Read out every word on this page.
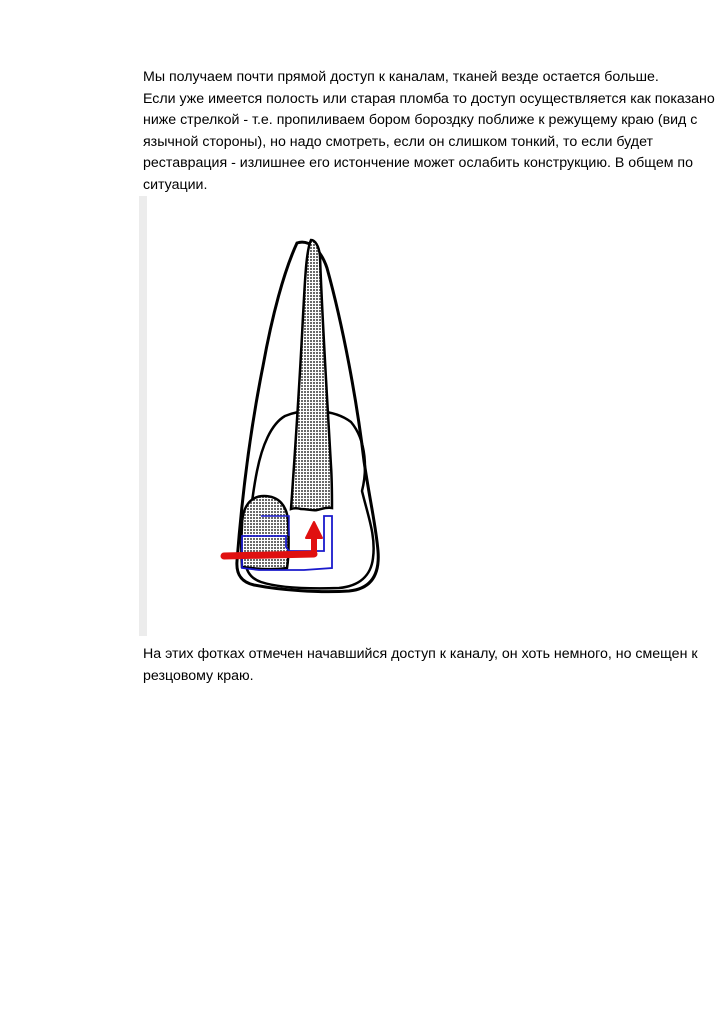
Мы получаем почти прямой доступ к каналам, тканей везде остается больше.
Если уже имеется полость или старая пломба то доступ осуществляется как показано
ниже стрелкой - т.е. пропиливаем бором бороздку поближе к режущему краю (вид с
язычной стороны), но надо смотреть, если он слишком тонкий, то если будет
реставрация - излишнее его истончение может ослабить конструкцию. В общем по
ситуации.
На этих фотках отмечен начавшийся доступ к каналу, он хоть немного, но смещен к
резцовому краю.
